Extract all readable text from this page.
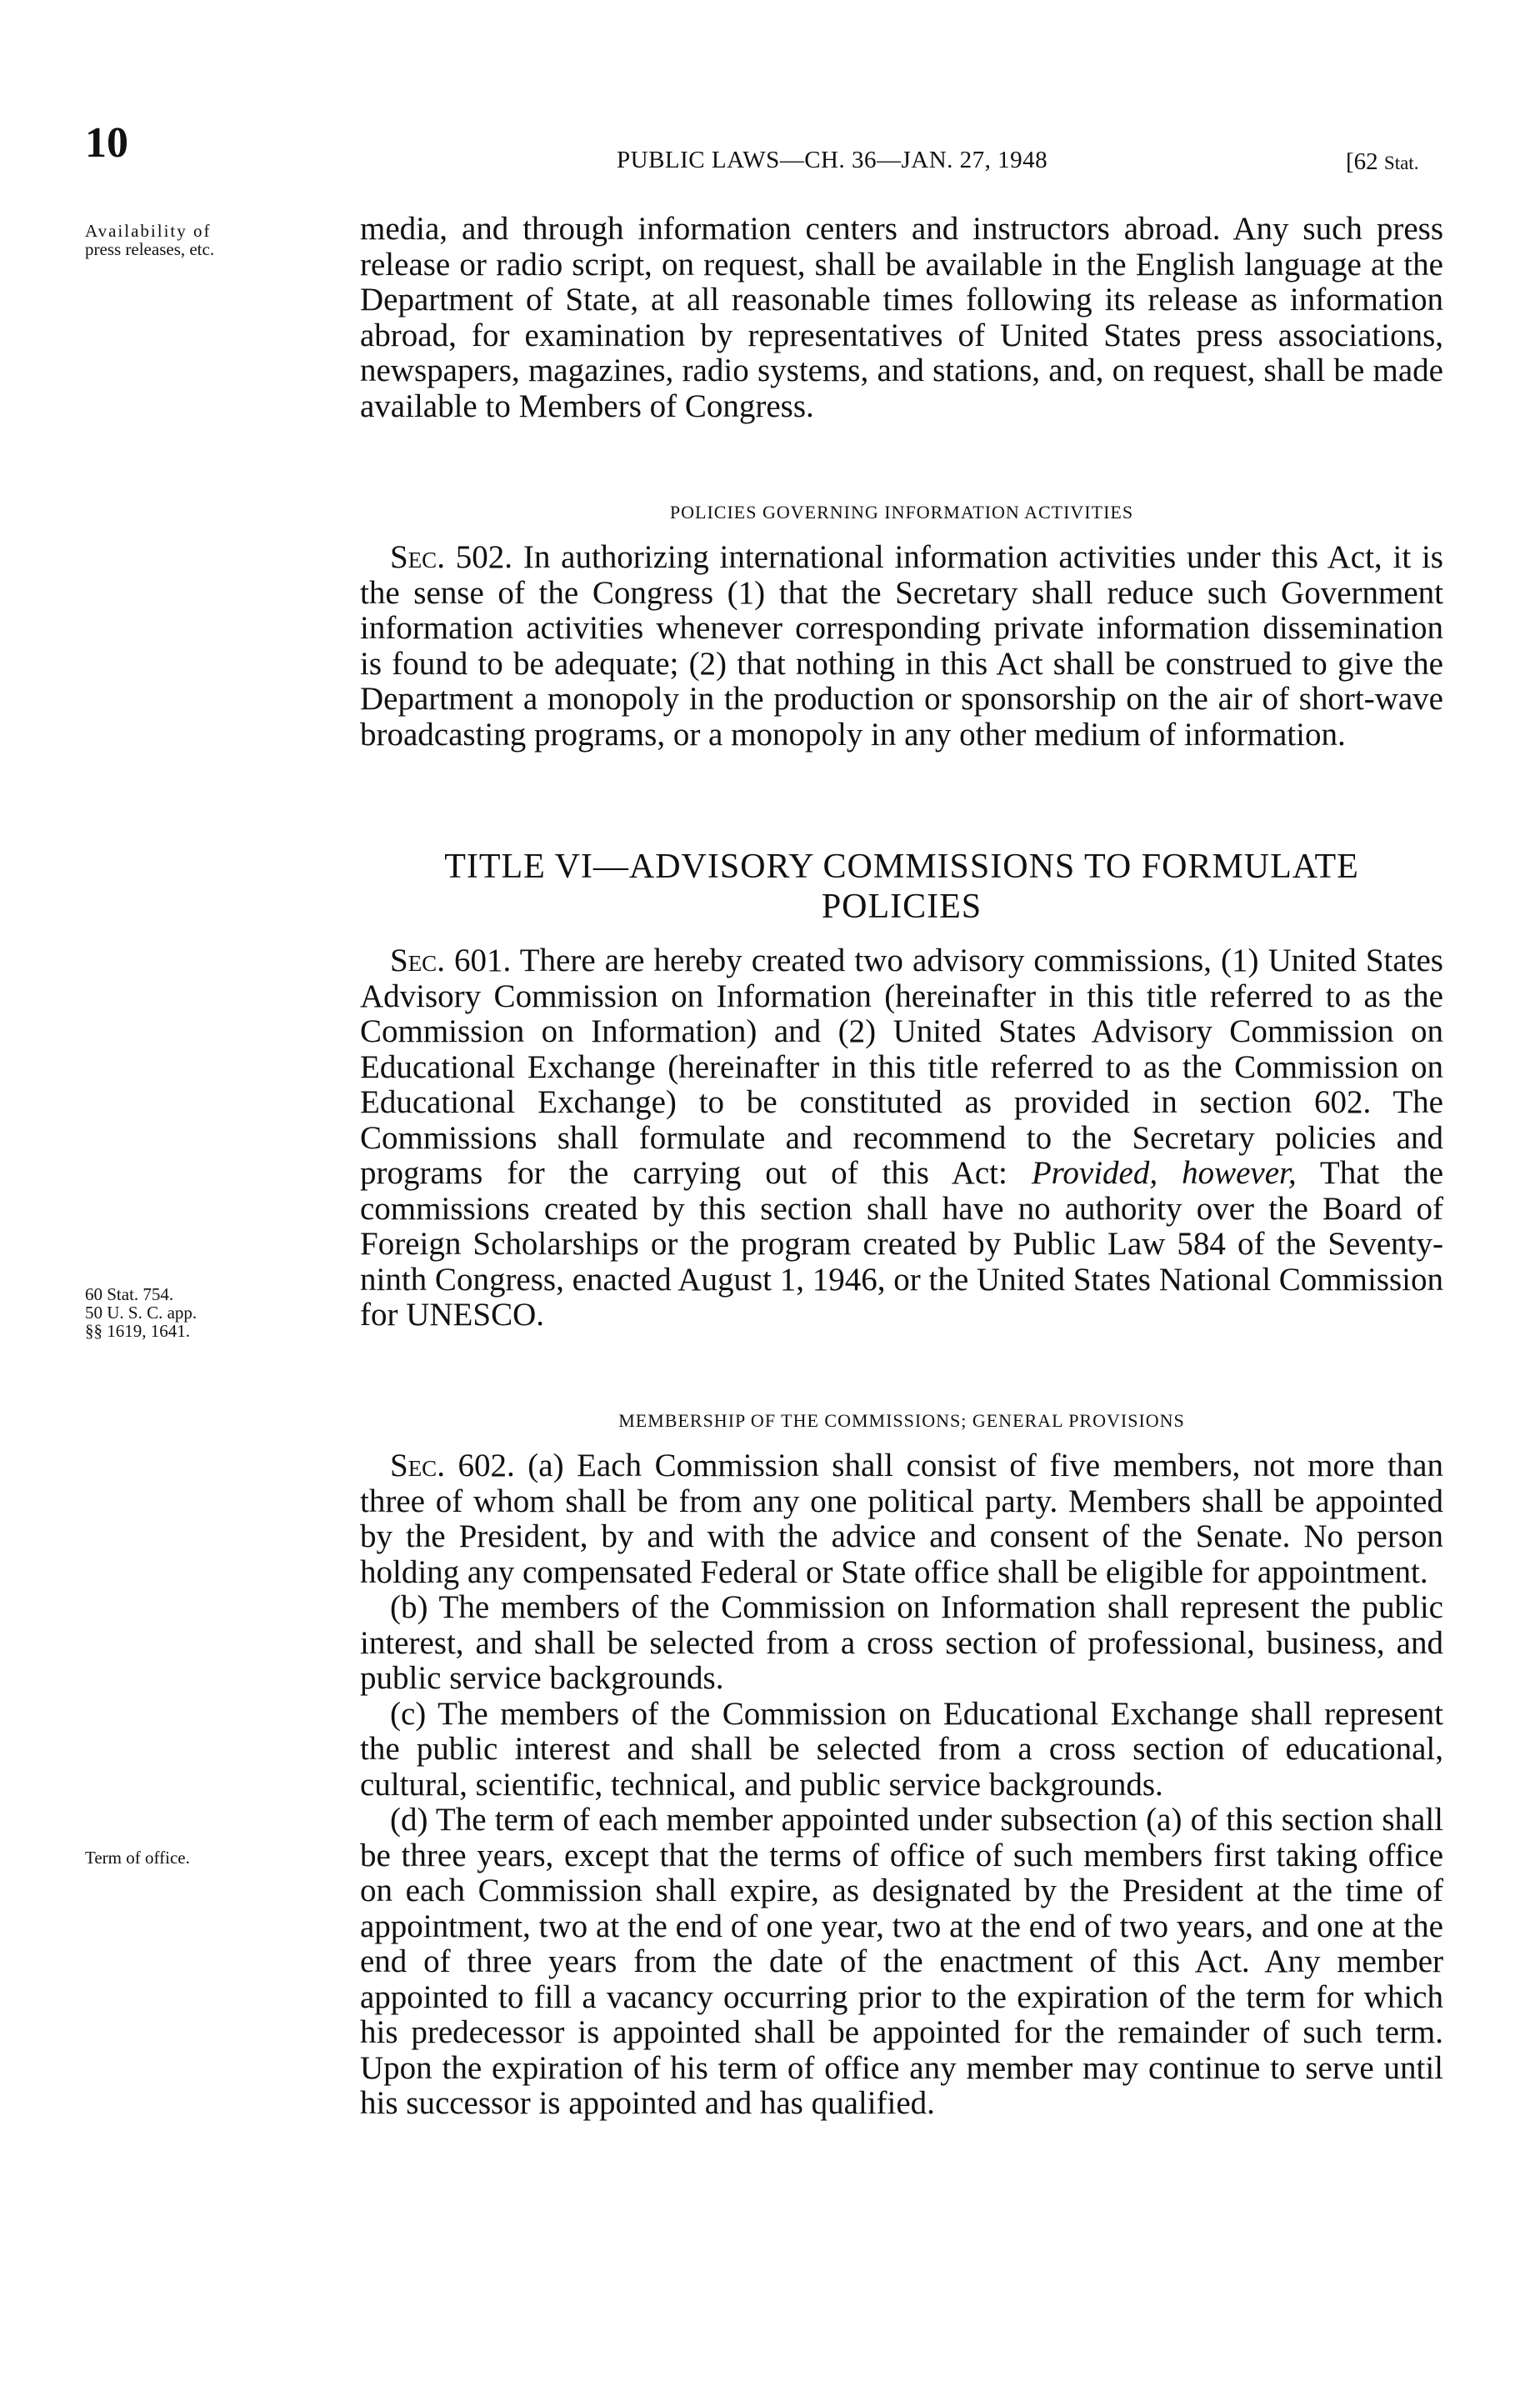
10	PUBLIC LAWS—CH. 36—JAN. 27, 1948	[62 Stat.
Availability of
press releases, etc.
60 Stat. 754.
50 U. S. C. app.
§§ 1619, 1641.
Term of office.

media, and through information centers and instructors abroad. Any such press release or radio script, on request, shall be available in the English language at the Department of State, at all reasonable times following its release as information abroad, for examination by representatives of United States press associations, newspapers, magazines, radio systems, and stations, and, on request, shall be made available to Members of Congress.

POLICIES GOVERNING INFORMATION ACTIVITIES

Sec. 502. In authorizing international information activities under this Act, it is the sense of the Congress (1) that the Secretary shall reduce such Government information activities whenever corresponding private information dissemination is found to be adequate; (2) that nothing in this Act shall be construed to give the Department a monopoly in the production or sponsorship on the air of short-wave broadcasting programs, or a monopoly in any other medium of information.

TITLE VI—ADVISORY COMMISSIONS TO FORMULATE
POLICIES

Sec. 601. There are hereby created two advisory commissions, (1) United States Advisory Commission on Information (hereinafter in this title referred to as the Commission on Information) and (2) United States Advisory Commission on Educational Exchange (hereinafter in this title referred to as the Commission on Educational Exchange) to be constituted as provided in section 602. The Commissions shall formulate and recommend to the Secretary policies and programs for the carrying out of this Act: Provided, however, That the commissions created by this section shall have no authority over the Board of Foreign Scholarships or the program created by Public Law 584 of the Seventy-ninth Congress, enacted August 1, 1946, or the United States National Commission for UNESCO.

MEMBERSHIP OF THE COMMISSIONS; GENERAL PROVISIONS

Sec. 602. (a) Each Commission shall consist of five members, not more than three of whom shall be from any one political party. Members shall be appointed by the President, by and with the advice and consent of the Senate. No person holding any compensated Federal or State office shall be eligible for appointment.

(b) The members of the Commission on Information shall represent the public interest, and shall be selected from a cross section of professional, business, and public service backgrounds.

(c) The members of the Commission on Educational Exchange shall represent the public interest and shall be selected from a cross section of educational, cultural, scientific, technical, and public service backgrounds.

(d) The term of each member appointed under subsection (a) of this section shall be three years, except that the terms of office of such members first taking office on each Commission shall expire, as designated by the President at the time of appointment, two at the end of one year, two at the end of two years, and one at the end of three years from the date of the enactment of this Act. Any member appointed to fill a vacancy occurring prior to the expiration of the term for which his predecessor is appointed shall be appointed for the remainder of such term. Upon the expiration of his term of office any member may continue to serve until his successor is appointed and has qualified.
